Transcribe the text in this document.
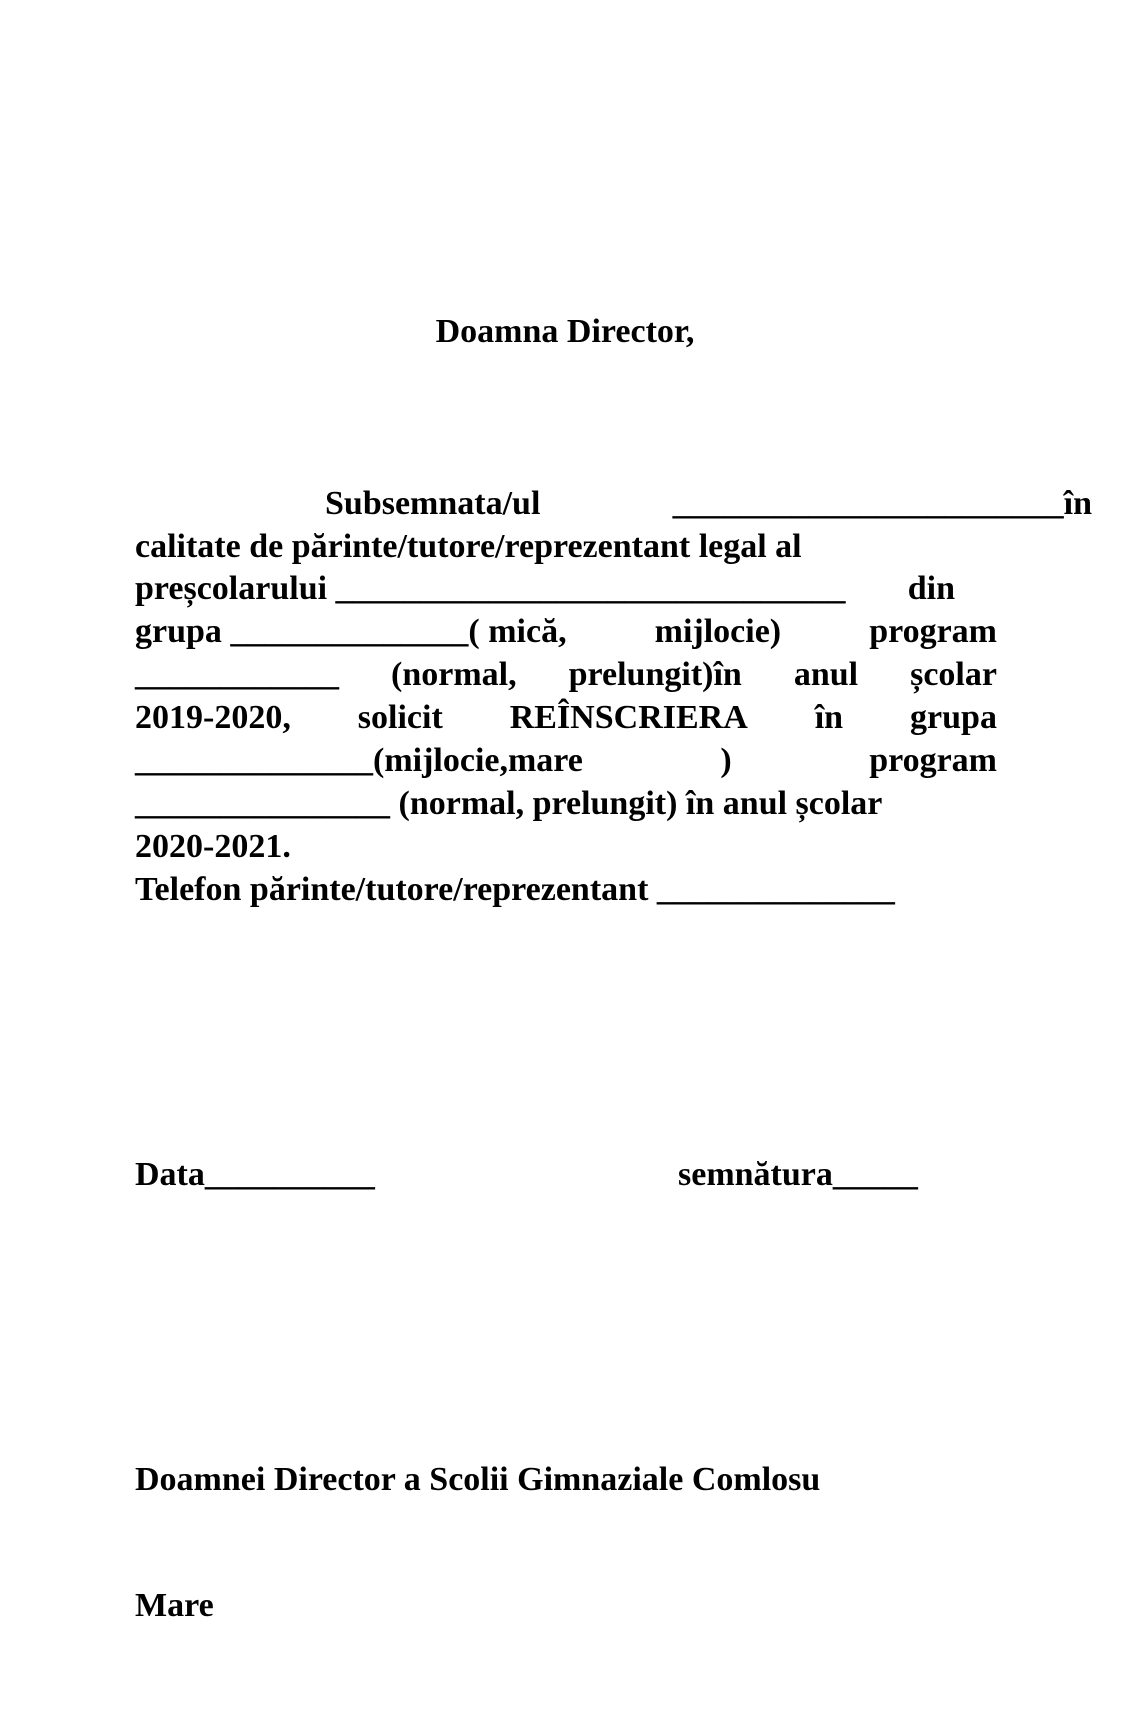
Doamna Director,
Subsemnata/ul	_______________________în
calitate de părinte/tutore/reprezentant legal al
preșcolarului ______________________________ din
grupa ______________( mică,	mijlocie)	program
____________ (normal, prelungit)în anul școlar
2019-2020, solicit REÎNSCRIERA în grupa
______________(mijlocie,mare	)	program
_______________ (normal, prelungit) în anul școlar
2020-2021.
Telefon părinte/tutore/reprezentant ______________
Data__________	semnătura_____

Doamnei Director a Scolii Gimnaziale Comlosu

Mare
